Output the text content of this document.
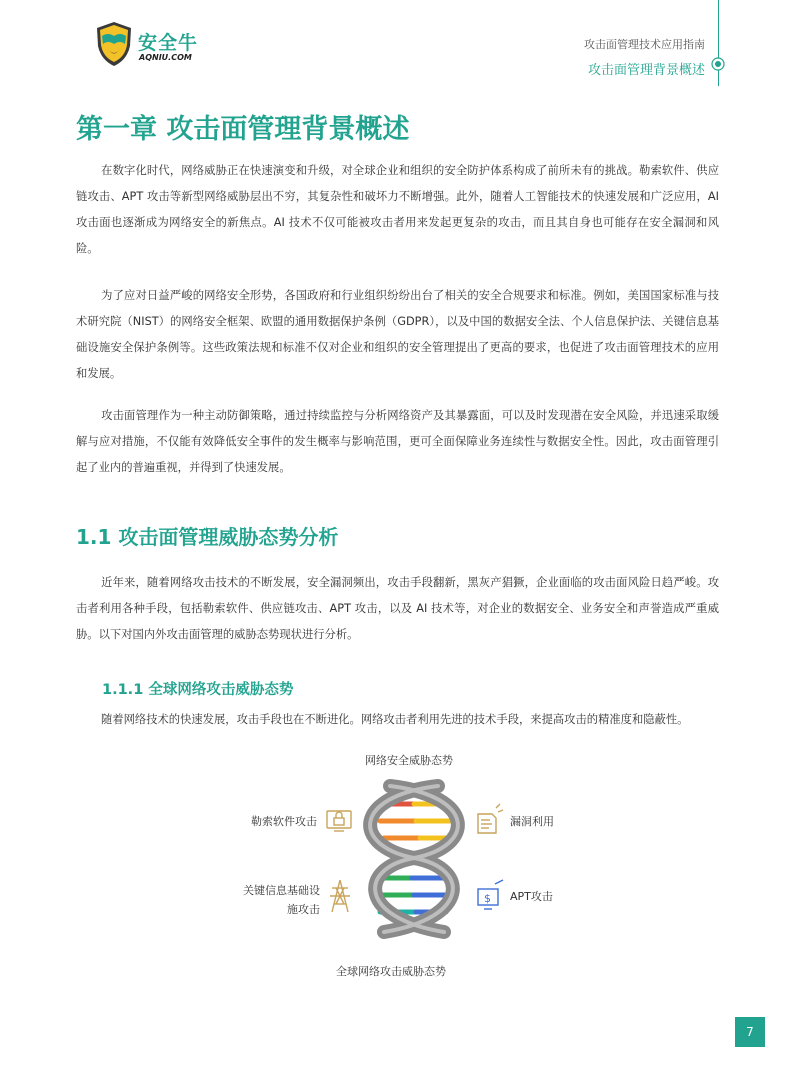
安全牛
AQNIU.COM
攻击面管理技术应用指南
攻击面管理背景概述
第一章 攻击面管理背景概述

在数字化时代，网络威胁正在快速演变和升级，对全球企业和组织的安全防护体系构成了前所未有的挑战。勒索软件、供应链攻击、APT 攻击等新型网络威胁层出不穷，其复杂性和破坏力不断增强。此外，随着人工智能技术的快速发展和广泛应用，AI 攻击面也逐渐成为网络安全的新焦点。AI 技术不仅可能被攻击者用来发起更复杂的攻击，而且其自身也可能存在安全漏洞和风险。

为了应对日益严峻的网络安全形势，各国政府和行业组织纷纷出台了相关的安全合规要求和标准。例如，美国国家标准与技术研究院（NIST）的网络安全框架、欧盟的通用数据保护条例（GDPR），以及中国的数据安全法、个人信息保护法、关键信息基础设施安全保护条例等。这些政策法规和标准不仅对企业和组织的安全管理提出了更高的要求，也促进了攻击面管理技术的应用和发展。

攻击面管理作为一种主动防御策略，通过持续监控与分析网络资产及其暴露面，可以及时发现潜在安全风险，并迅速采取缓解与应对措施，不仅能有效降低安全事件的发生概率与影响范围，更可全面保障业务连续性与数据安全性。因此，攻击面管理引起了业内的普遍重视，并得到了快速发展。

1.1 攻击面管理威胁态势分析

近年来，随着网络攻击技术的不断发展，安全漏洞频出，攻击手段翻新，黑灰产猖獗，企业面临的攻击面风险日趋严峻。攻击者利用各种手段，包括勒索软件、供应链攻击、APT 攻击，以及 AI 技术等，对企业的数据安全、业务安全和声誉造成严重威胁。以下对国内外攻击面管理的威胁态势现状进行分析。

1.1.1 全球网络攻击威胁态势

随着网络技术的快速发展，攻击手段也在不断进化。网络攻击者利用先进的技术手段，来提高攻击的精准度和隐蔽性。

网络安全威胁态势
$
勒索软件攻击	漏洞利用
关键信息基础设
施攻击
APT攻击
全球网络攻击威胁态势
7
